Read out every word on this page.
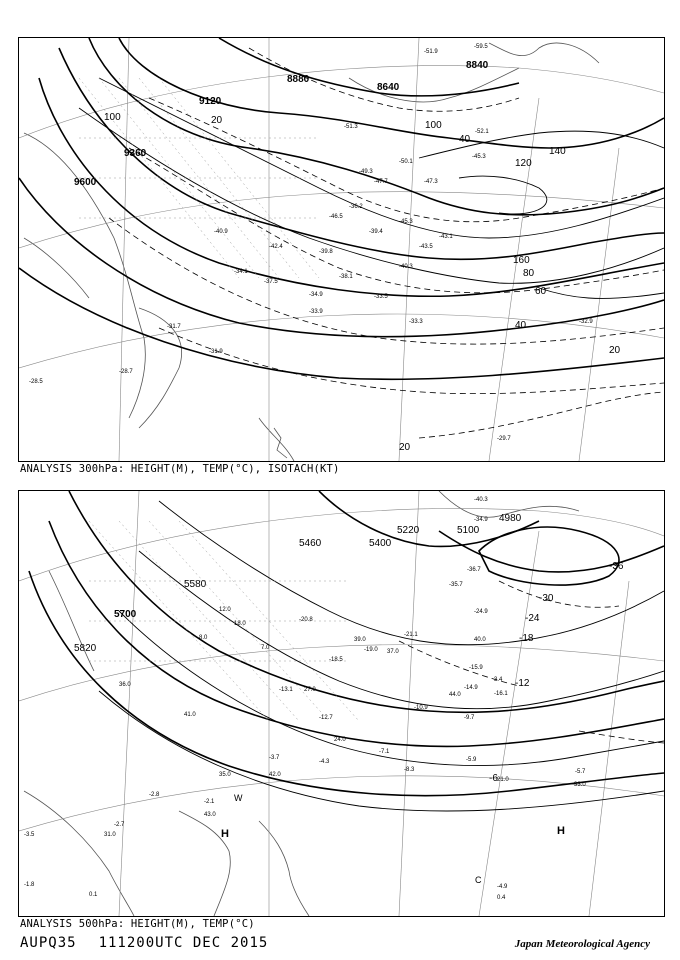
8880
8640
8840
9120
9360
9600
100
100
120
140
160
80
60
40
40
20
20
20
-51.9
-59.5
-45.3
-47.3
-50.1
-52.1
-39.4
-36.2
-40.3
-45.3
-43.1
-34.9	-33.5
-31.9
-31.7
-28.7
-28.5
-29.7
-33.3	-32.9
-39.8
-42.4
-38.1
-33.9
-34.1
-37.5
-40.9
-47.7
-49.3
-51.3
-46.5
-43.5
ANALYSIS 300hPa: HEIGHT(M), TEMP(°C), ISOTACH(KT)
5220	5100
5400
5460
5580
5700
5820
4980
-36
-30
-24
-18
-12
-6
H	H
C
W
-40.3
-34.9
-36.7
-35.7
-24.9
-21.1
-20.8
-19.0
-18.5
-15.9
-16.1
-14.9
-13.1
-12.7
-10.9
-9.7
-8.3
-7.1
-5.9
-5.7
-4.3
-4.9
-3.7
-3.5
-2.7
-2.1
-2.8
-1.8
0.4
0.1
3.4
7.0
8.0
12.0
18.0
21.0
24.0
27.0
31.0
33.0
35.0
36.0
37.0
39.0	40.0
41.0
42.0
43.0
44.0
ANALYSIS 500hPa: HEIGHT(M), TEMP(°C)
AUPQ35 111200UTC DEC 2015	Japan Meteorological Agency
